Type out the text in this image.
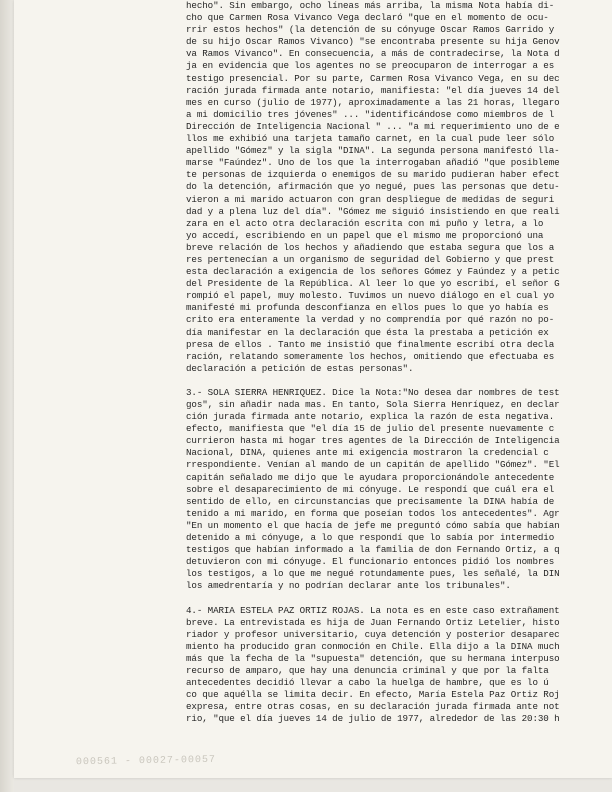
hecho". Sin embargo, ocho líneas más arriba, la misma Nota había di-
cho que Carmen Rosa Vivanco Vega declaró "que en el momento de ocu-
rrir estos hechos" (la detención de su cónyuge Oscar Ramos Garrido y
de su hijo Oscar Ramos Vivanco) "se encontraba presente su hija Genov
va Ramos Vivanco". En consecuencia, a más de contradecirse, la Nota d
ja en evidencia que los agentes no se preocuparon de interrogar a es
testigo presencial. Por su parte, Carmen Rosa Vivanco Vega, en su dec
ración jurada firmada ante notario, manifiesta: "el día jueves 14 del
mes en curso (julio de 1977), aproximadamente a las 21 horas, llegaro
a mi domicilio tres jóvenes" ... "identificándose como miembros de l
Dirección de Inteligencia Nacional " ... "a mi requerimiento uno de e
llos me exhibió una tarjeta tamaño carnet, en la cual pude leer sólo
apellido "Gómez" y la sigla "DINA". La segunda persona manifestó lla-
marse "Faúndez". Uno de los que la interrogaban añadió "que posibleme
te personas de izquierda o enemigos de su marido pudieran haber efect
do la detención, afirmación que yo negué, pues las personas que detu-
vieron a mi marido actuaron con gran despliegue de medidas de seguri
dad y a plena luz del día". "Gómez me siguió insistiendo en que reali
zara en el acto otra declaración escrita con mi puño y letra, a lo
yo accedí, escribiendo en un papel que el mismo me proporcionó una
breve relación de los hechos y añadiendo que estaba segura que los a
res pertenecían a un organismo de seguridad del Gobierno y que prest
esta declaración a exigencia de los señores Gómez y Faúndez y a petic
del Presidente de la República. Al leer lo que yo escribí, el señor G
rompió el papel, muy molesto. Tuvimos un nuevo diálogo en el cual yo
manifesté mi profunda desconfianza en ellos pues lo que yo había es
crito era enteramente la verdad y no comprendía por qué razón no po-
día manifestar en la declaración que ésta la prestaba a petición ex
presa de ellos . Tanto me insistió que finalmente escribí otra decla
ración, relatando someramente los hechos, omitiendo que efectuaba es
declaración a petición de estas personas".
3.- SOLA SIERRA HENRIQUEZ. Dice la Nota:"No desea dar nombres de test
gos", sin añadir nada mas. En tanto, Sola Sierra Henríquez, en declar
ción jurada firmada ante notario, explica la razón de esta negativa.
efecto, manifiesta que "el día 15 de julio del presente nuevamente c
currieron hasta mi hogar tres agentes de la Dirección de Inteligencia
Nacional, DINA, quienes ante mi exigencia mostraron la credencial c
rrespondiente. Venían al mando de un capitán de apellido "Gómez". "El
capitán señalado me dijo que le ayudara proporcionándole antecedente
sobre el desaparecimiento de mi cónyuge. Le respondí que cuál era el
sentido de ello, en circunstancias que precisamente la DINA había de
tenido a mi marido, en forma que poseían todos los antecedentes". Agr
"En un momento el que hacía de jefe me preguntó cómo sabía que habían
detenido a mi cónyuge, a lo que respondí que lo sabía por intermedio
testigos que habían informado a la familia de don Fernando Ortiz, a q
detuvieron con mi cónyuge. El funcionario entonces pidió los nombres
los testigos, a lo que me negué rotundamente pues, les señalé, la DIN
los amedrentaría y no podrían declarar ante los tribunales".
4.- MARIA ESTELA PAZ ORTIZ ROJAS. La nota es en este caso extrañament
breve. La entrevistada es hija de Juan Fernando Ortiz Letelier, histo
riador y profesor universitario, cuya detención y posterior desaparec
miento ha producido gran conmoción en Chile. Ella dijo a la DINA much
más que la fecha de la "supuesta" detención, que su hermana interpuso
recurso de amparo, que hay una denuncia criminal y que por la falta
antecedentes decidió llevar a cabo la huelga de hambre, que es lo ú
co que aquélla se limita decir. En efecto, María Estela Paz Ortiz Roj
expresa, entre otras cosas, en su declaración jurada firmada ante not
rio, "que el día jueves 14 de julio de 1977, alrededor de las 20:30 h
000561 - 00027-00057
